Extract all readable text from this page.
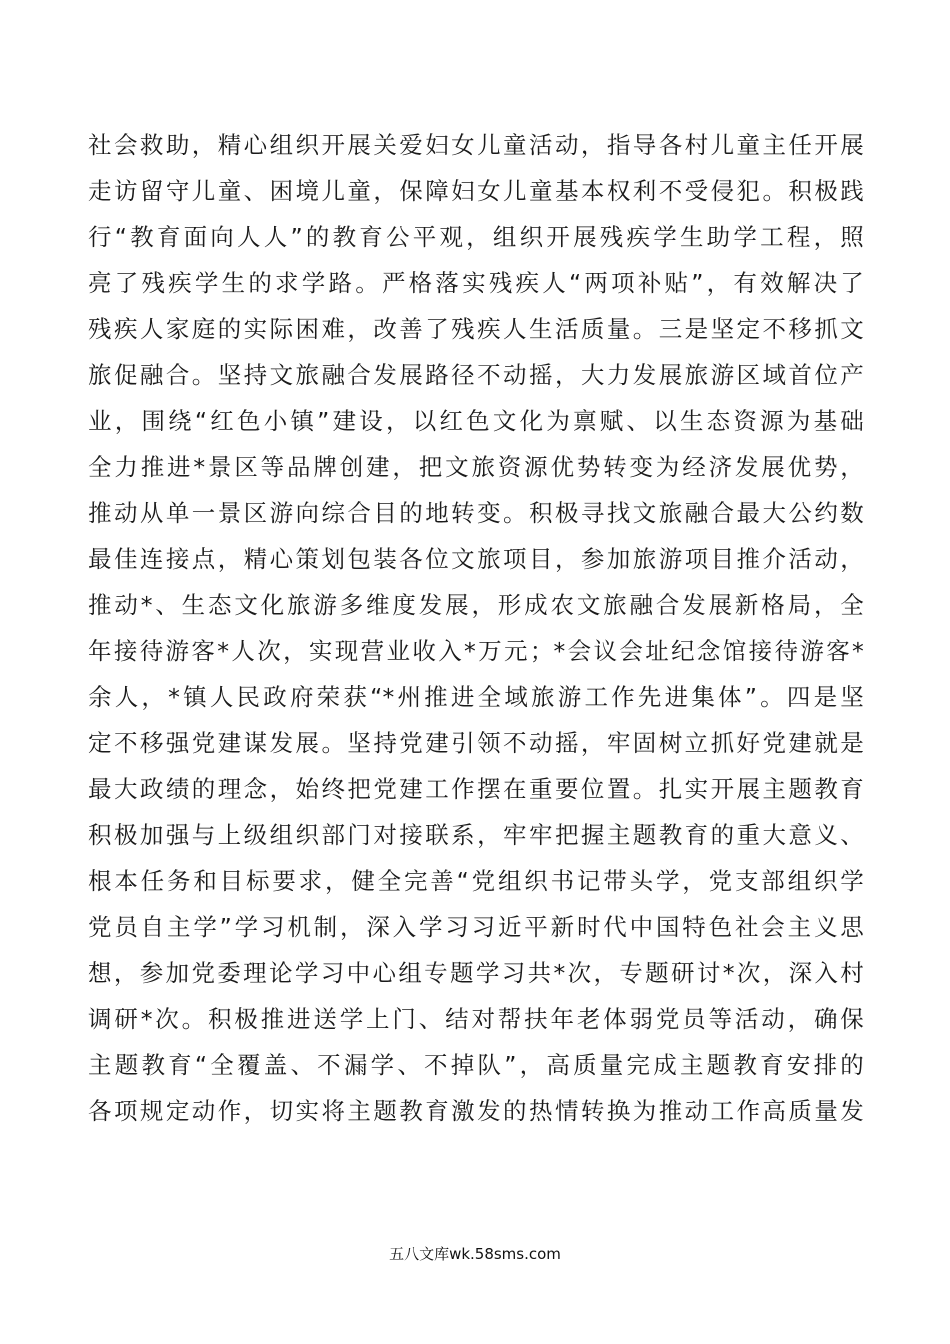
社会救助，精心组织开展关爱妇女儿童活动，指导各村儿童主任开展
走访留守儿童、困境儿童，保障妇女儿童基本权利不受侵犯。积极践
行“教育面向人人”的教育公平观，组织开展残疾学生助学工程，照
亮了残疾学生的求学路。严格落实残疾人“两项补贴”，有效解决了
残疾人家庭的实际困难，改善了残疾人生活质量。三是坚定不移抓文
旅促融合。坚持文旅融合发展路径不动摇，大力发展旅游区域首位产
业，围绕“红色小镇”建设，以红色文化为禀赋、以生态资源为基础
全力推进*景区等品牌创建，把文旅资源优势转变为经济发展优势，
推动从单一景区游向综合目的地转变。积极寻找文旅融合最大公约数
最佳连接点，精心策划包装各位文旅项目，参加旅游项目推介活动，
推动*、生态文化旅游多维度发展，形成农文旅融合发展新格局，全
年接待游客*人次，实现营业收入*万元；*会议会址纪念馆接待游客*
余人，*镇人民政府荣获“*州推进全域旅游工作先进集体”。四是坚
定不移强党建谋发展。坚持党建引领不动摇，牢固树立抓好党建就是
最大政绩的理念，始终把党建工作摆在重要位置。扎实开展主题教育
积极加强与上级组织部门对接联系，牢牢把握主题教育的重大意义、
根本任务和目标要求，健全完善“党组织书记带头学，党支部组织学
党员自主学”学习机制，深入学习习近平新时代中国特色社会主义思
想，参加党委理论学习中心组专题学习共*次，专题研讨*次，深入村
调研*次。积极推进送学上门、结对帮扶年老体弱党员等活动，确保
主题教育“全覆盖、不漏学、不掉队”，高质量完成主题教育安排的
各项规定动作，切实将主题教育激发的热情转换为推动工作高质量发
五八文库wk.58sms.com
